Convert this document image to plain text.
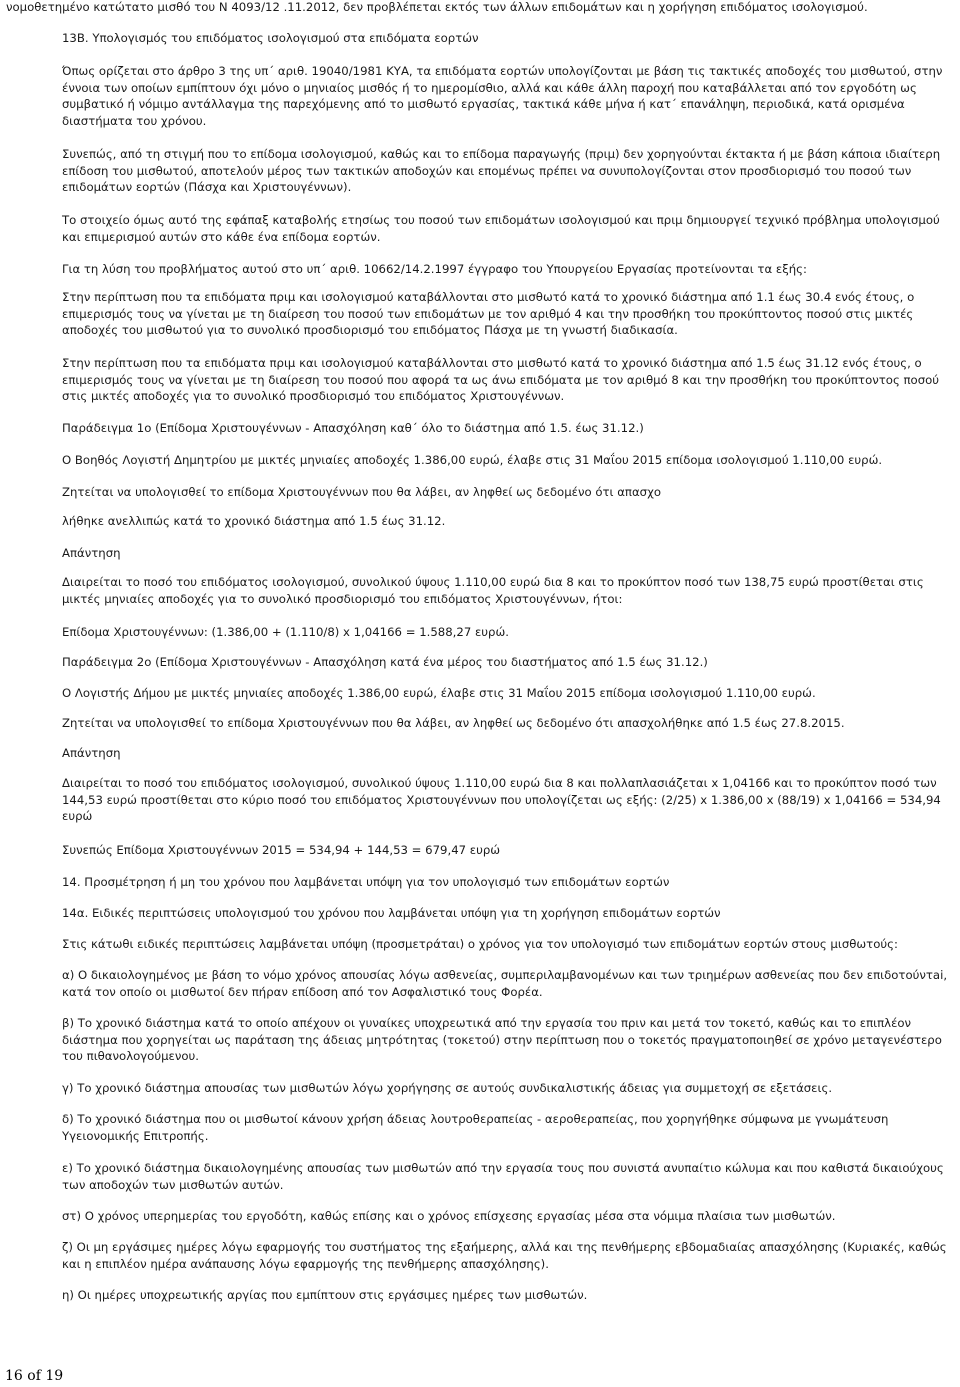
νομοθετημένο κατώτατο μισθό του Ν 4093/12 .11.2012, δεν προβλέπεται εκτός των άλλων επιδομάτων και η χορήγηση επιδόματος ισολογισμού.
13Β. Υπολογισμός του επιδόματος ισολογισμού στα επιδόματα εορτών
Όπως ορίζεται στο άρθρο 3 της υπ΄ αριθ. 19040/1981 ΚΥΑ, τα επιδόματα εορτών υπολογίζονται με βάση τις τακτικές αποδοχές του μισθωτού, στην έννοια των οποίων εμπίπτουν όχι μόνο ο μηνιαίος μισθός ή το ημερομίσθιο, αλλά και κάθε άλλη παροχή που καταβάλλεται από τον εργοδότη ως συμβατικό ή νόμιμο αντάλλαγμα της παρεχόμενης από το μισθωτό εργασίας, τακτικά κάθε μήνα ή κατ΄ επανάληψη, περιοδικά, κατά ορισμένα διαστήματα του χρόνου.
Συνεπώς, από τη στιγμή που το επίδομα ισολογισμού, καθώς και το επίδομα παραγωγής (πριμ) δεν χορηγούνται έκτακτα ή με βάση κάποια ιδιαίτερη επίδοση του μισθωτού, αποτελούν μέρος των τακτικών αποδοχών και επομένως πρέπει να συνυπολογίζονται στον προσδιορισμό του ποσού των επιδομάτων εορτών (Πάσχα και Χριστουγέννων).
Το στοιχείο όμως αυτό της εφάπαξ καταβολής ετησίως του ποσού των επιδομάτων ισολογισμού και πριμ δημιουργεί τεχνικό πρόβλημα υπολογισμού και επιμερισμού αυτών στο κάθε ένα επίδομα εορτών.
Για τη λύση του προβλήματος αυτού στο υπ΄ αριθ. 10662/14.2.1997 έγγραφο του Υπουργείου Εργασίας προτείνονται τα εξής:
Στην περίπτωση που τα επιδόματα πριμ και ισολογισμού καταβάλλονται στο μισθωτό κατά το χρονικό διάστημα από 1.1 έως 30.4 ενός έτους, ο επιμερισμός τους να γίνεται με τη διαίρεση του ποσού των επιδομάτων με τον αριθμό 4 και την προσθήκη του προκύπτοντος ποσού στις μικτές αποδοχές του μισθωτού για το συνολικό προσδιορισμό του επιδόματος Πάσχα με τη γνωστή διαδικασία.
Στην περίπτωση που τα επιδόματα πριμ και ισολογισμού καταβάλλονται στο μισθωτό κατά το χρονικό διάστημα από 1.5 έως 31.12 ενός έτους, ο επιμερισμός τους να γίνεται με τη διαίρεση του ποσού που αφορά τα ως άνω επιδόματα με τον αριθμό 8 και την προσθήκη του προκύπτοντος ποσού στις μικτές αποδοχές για το συνολικό προσδιορισμό του επιδόματος Χριστουγέννων.
Παράδειγμα 1ο (Επίδομα Χριστουγέννων - Απασχόληση καθ΄ όλο το διάστημα από 1.5. έως 31.12.)
Ο Βοηθός Λογιστή Δημητρίου με μικτές μηνιαίες αποδοχές 1.386,00 ευρώ, έλαβε στις 31 Μαΐου 2015 επίδομα ισολογισμού 1.110,00 ευρώ.
Ζητείται να υπολογισθεί το επίδομα Χριστουγέννων που θα λάβει, αν ληφθεί ως δεδομένο ότι απασχο
λήθηκε ανελλιπώς κατά το χρονικό διάστημα από 1.5 έως 31.12.
Απάντηση
Διαιρείται το ποσό του επιδόματος ισολογισμού, συνολικού ύψους 1.110,00 ευρώ δια 8 και το προκύπτον ποσό των 138,75 ευρώ προστίθεται στις μικτές μηνιαίες αποδοχές για το συνολικό προσδιορισμό του επιδόματος Χριστουγέννων, ήτοι:
Επίδομα Χριστουγέννων: (1.386,00 + (1.110/8) x 1,04166 = 1.588,27 ευρώ.
Παράδειγμα 2ο (Επίδομα Χριστουγέννων - Απασχόληση κατά ένα μέρος του διαστήματος από 1.5 έως 31.12.)
Ο Λογιστής Δήμου με μικτές μηνιαίες αποδοχές 1.386,00 ευρώ, έλαβε στις 31 Μαΐου 2015 επίδομα ισολογισμού 1.110,00 ευρώ.
Ζητείται να υπολογισθεί το επίδομα Χριστουγέννων που θα λάβει, αν ληφθεί ως δεδομένο ότι απασχολήθηκε από 1.5 έως 27.8.2015.
Απάντηση
Διαιρείται το ποσό του επιδόματος ισολογισμού, συνολικού ύψους 1.110,00 ευρώ δια 8 και πολλαπλασιάζεται x 1,04166 και το προκύπτον ποσό των 144,53 ευρώ προστίθεται στο κύριο ποσό του επιδόματος Χριστουγέννων που υπολογίζεται ως εξής: (2/25) x 1.386,00 x (88/19) x 1,04166 = 534,94 ευρώ
Συνεπώς Επίδομα Χριστουγέννων 2015 = 534,94 + 144,53 = 679,47 ευρώ
14. Προσμέτρηση ή μη του χρόνου που λαμβάνεται υπόψη για τον υπολογισμό των επιδομάτων εορτών
14α. Ειδικές περιπτώσεις υπολογισμού του χρόνου που λαμβάνεται υπόψη για τη χορήγηση επιδομάτων εορτών
Στις κάτωθι ειδικές περιπτώσεις λαμβάνεται υπόψη (προσμετράται) ο χρόνος για τον υπολογισμό των επιδομάτων εορτών στους μισθωτούς:
α) Ο δικαιολογημένος με βάση το νόμο χρόνος απουσίας λόγω ασθενείας, συμπεριλαμβανομένων και των τριημέρων ασθενείας που δεν επιδοτούντai, κατά τον οποίο οι μισθωτοί δεν πήραν επίδοση από τον Ασφαλιστικό τους Φορέα.
β) Το χρονικό διάστημα κατά το οποίο απέχουν οι γυναίκες υποχρεωτικά από την εργασία του πριν και μετά τον τοκετό, καθώς και το επιπλέον διάστημα που χορηγείται ως παράταση της άδειας μητρότητας (τοκετού) στην περίπτωση που ο τοκετός πραγματοποιηθεί σε χρόνο μεταγενέστερο του πιθανολογούμενου.
γ) Το χρονικό διάστημα απουσίας των μισθωτών λόγω χορήγησης σε αυτούς συνδικαλιστικής άδειας για συμμετοχή σε εξετάσεις.
δ) Το χρονικό διάστημα που οι μισθωτοί κάνουν χρήση άδειας λουτροθεραπείας - αεροθεραπείας, που χορηγήθηκε σύμφωνα με γνωμάτευση Υγειονομικής Επιτροπής.
ε) Το χρονικό διάστημα δικαιολογημένης απουσίας των μισθωτών από την εργασία τους που συνιστά ανυπαίτιο κώλυμα και που καθιστά δικαιούχους των αποδοχών των μισθωτών αυτών.
στ) Ο χρόνος υπερημερίας του εργοδότη, καθώς επίσης και ο χρόνος επίσχεσης εργασίας μέσα στα νόμιμα πλαίσια των μισθωτών.
ζ) Οι μη εργάσιμες ημέρες λόγω εφαρμογής του συστήματος της εξαήμερης, αλλά και της πενθήμερης εβδομαδιαίας απασχόλησης (Κυριακές, καθώς και η επιπλέον ημέρα ανάπαυσης λόγω εφαρμογής της πενθήμερης απασχόλησης).
η) Οι ημέρες υποχρεωτικής αργίας που εμπίπτουν στις εργάσιμες ημέρες των μισθωτών.
16 of 19
